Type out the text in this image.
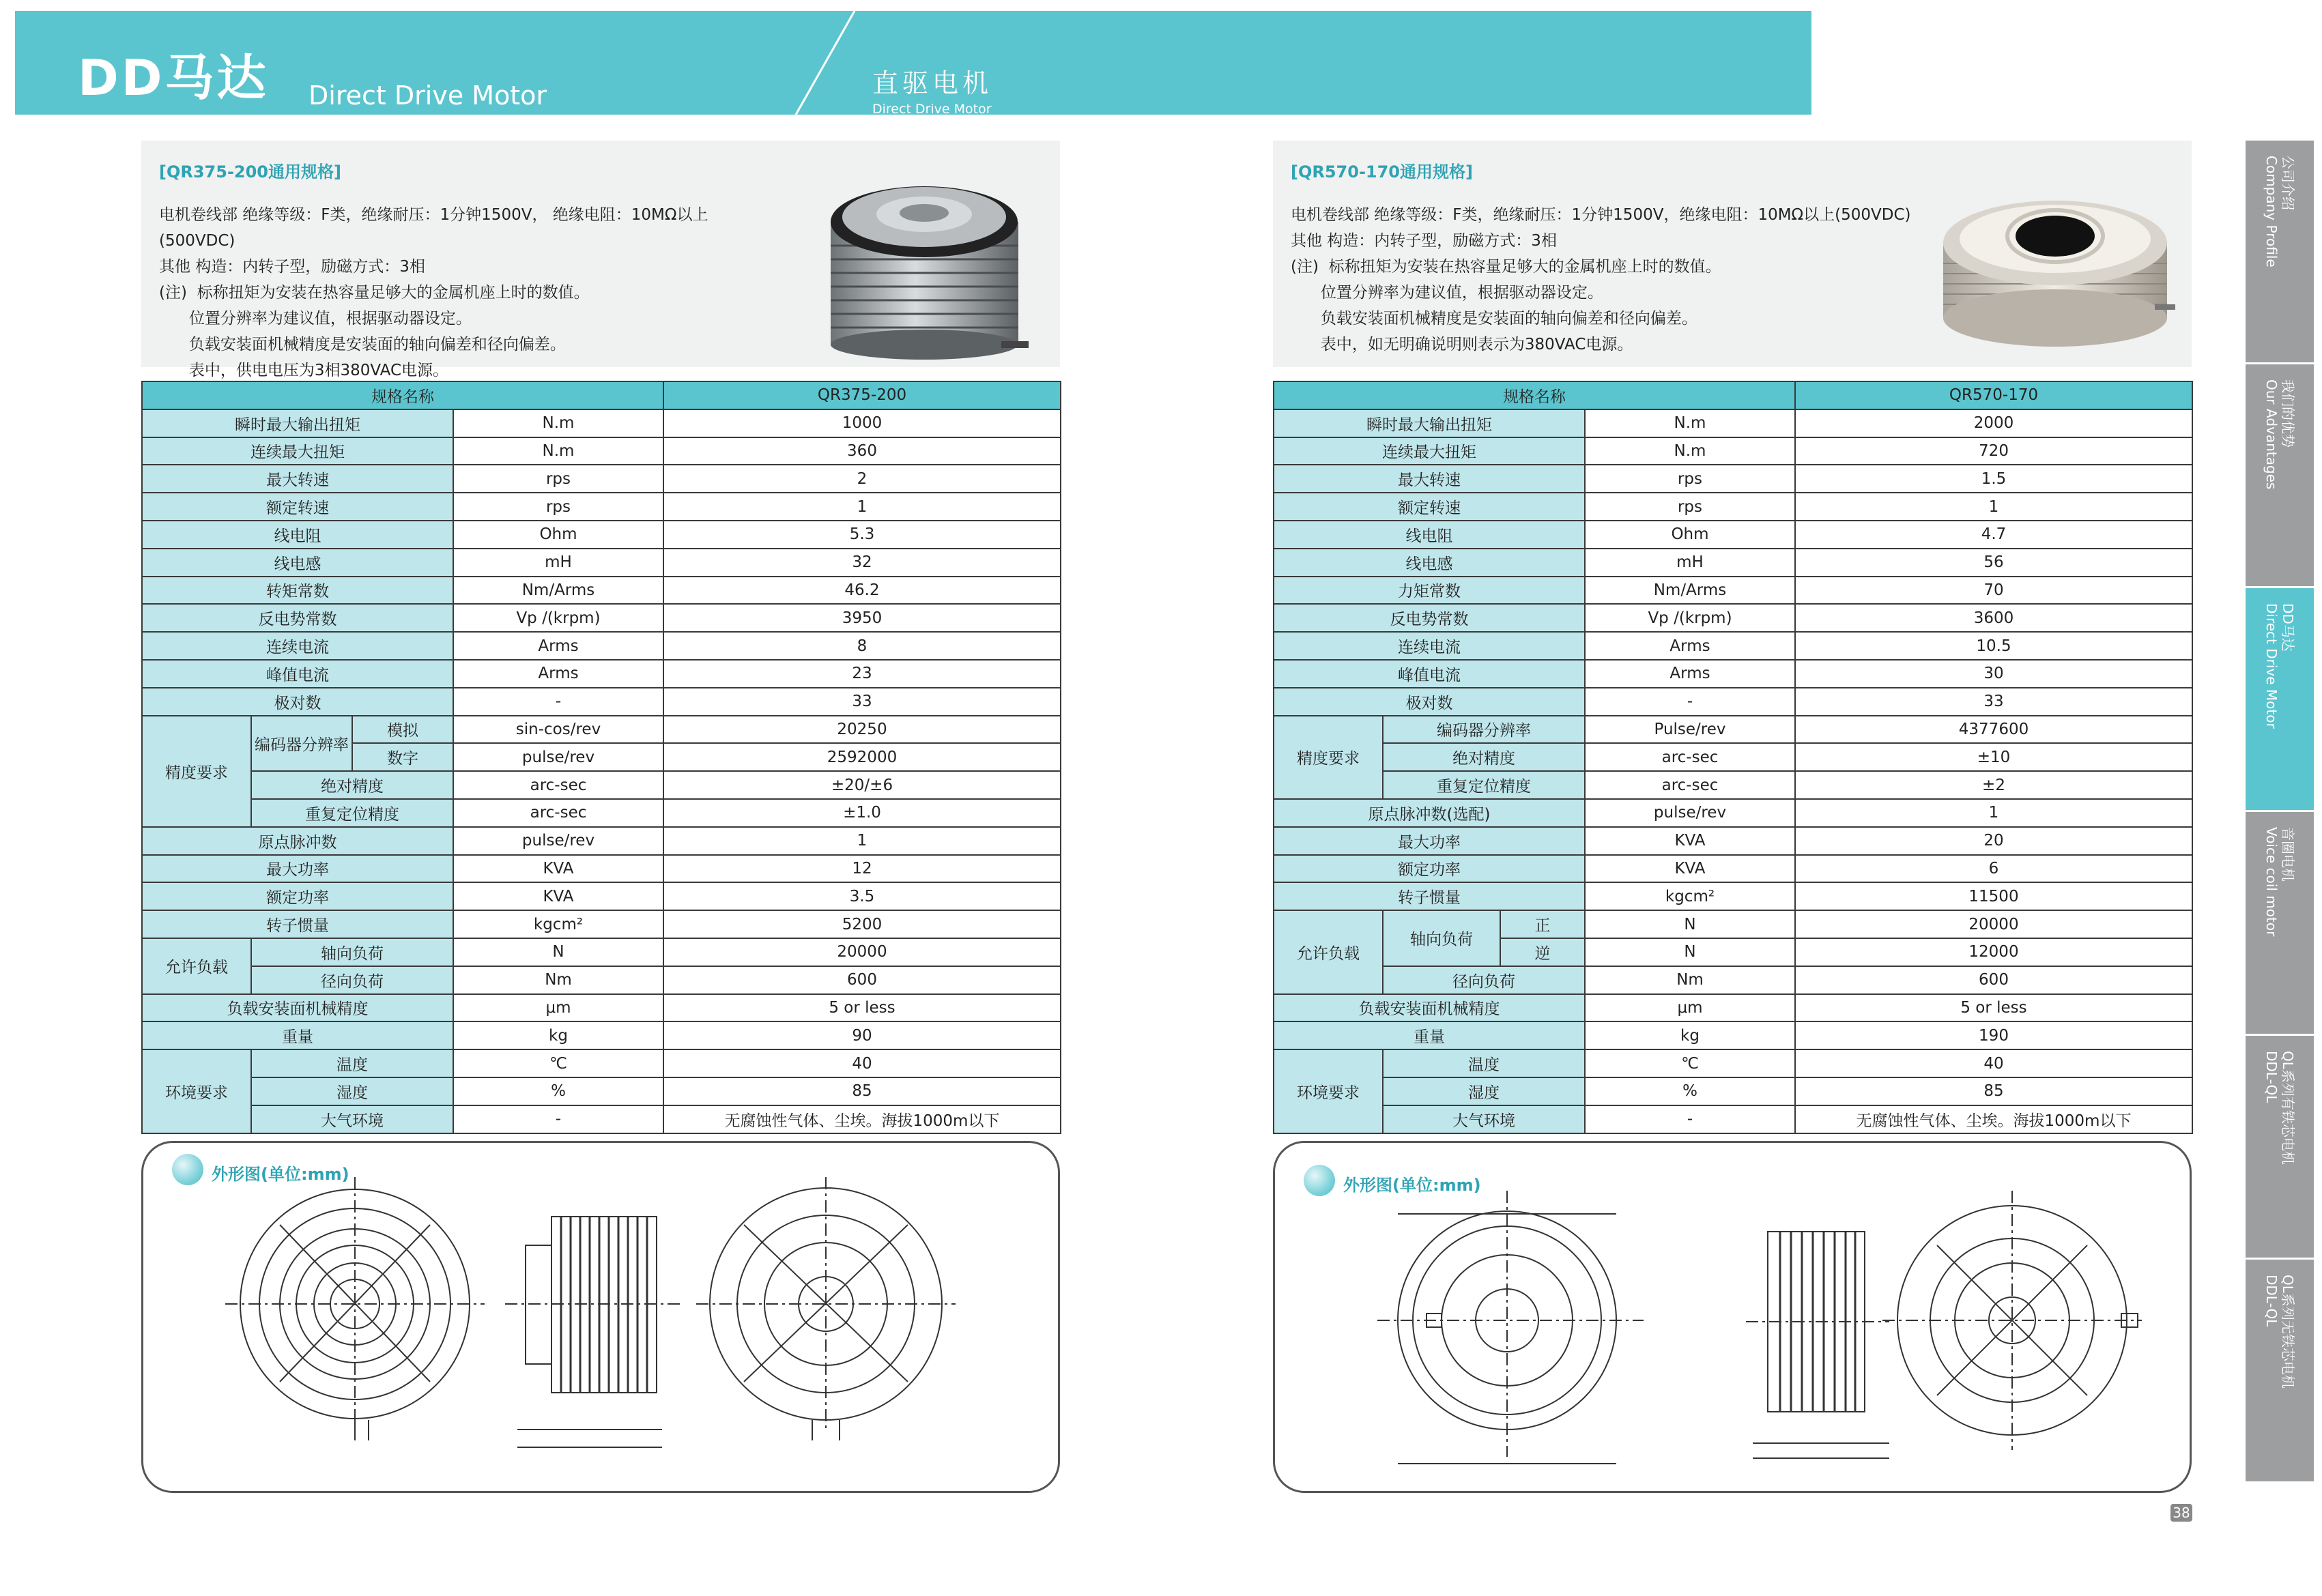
DD马达 Direct Drive Motor	直驱电机
Direct Drive Motor
[QR375-200通用规格]
电机卷线部 绝缘等级：F类，绝缘耐压：1分钟1500V， 绝缘电阻：10MΩ以上
(500VDC)
其他 构造：内转子型，励磁方式：3相
(注)  标称扭矩为安装在热容量足够大的金属机座上时的数值。
位置分辨率为建议值，根据驱动器设定。
负载安装面机械精度是安装面的轴向偏差和径向偏差。
表中，供电电压为3相380VAC电源。
[QR570-170通用规格]
电机卷线部 绝缘等级：F类，绝缘耐压：1分钟1500V，绝缘电阻：10MΩ以上(500VDC)
其他 构造：内转子型，励磁方式：3相
(注)  标称扭矩为安装在热容量足够大的金属机座上时的数值。
位置分辨率为建议值，根据驱动器设定。
负载安装面机械精度是安装面的轴向偏差和径向偏差。
表中，如无明确说明则表示为380VAC电源。
规格名称				QR375-200
瞬时最大输出扭矩			N.m	1000
连续最大扭矩			N.m	360
最大转速			rps	2
额定转速			rps	1
线电阻			Ohm	5.3
线电感			mH	32
转矩常数			Nm/Arms	46.2
反电势常数			Vp /(krpm)	3950
连续电流			Arms	8
峰值电流			Arms	23
极对数			-	33
精度要求	编码器分辨率	模拟	sin-cos/rev	20250
		数字	pulse/rev	2592000
	绝对精度		arc-sec	±20/±6
	重复定位精度		arc-sec	±1.0
原点脉冲数			pulse/rev	1
最大功率			KVA	12
额定功率			KVA	3.5
转子惯量			kgcm²	5200
允许负载	轴向负荷		N	20000
	径向负荷		Nm	600
负载安装面机械精度			μm	5 or less
重量			kg	90
环境要求	温度		℃	40
	湿度		%	85
	大气环境		-	无腐蚀性气体、尘埃。海拔1000m以下
规格名称				QR570-170
瞬时最大输出扭矩			N.m	2000
连续最大扭矩			N.m	720
最大转速			rps	1.5
额定转速			rps	1
线电阻			Ohm	4.7
线电感			mH	56
力矩常数			Nm/Arms	70
反电势常数			Vp /(krpm)	3600
连续电流			Arms	10.5
峰值电流			Arms	30
极对数			-	33
精度要求	编码器分辨率		Pulse/rev	4377600
	绝对精度		arc-sec	±10
	重复定位精度		arc-sec	±2
原点脉冲数(选配)			pulse/rev	1
最大功率			KVA	20
额定功率			KVA	6
转子惯量			kgcm²	11500
允许负载	轴向负荷	正	N	20000
		逆	N	12000
	径向负荷		Nm	600
负载安装面机械精度			μm	5 or less
重量			kg	190
环境要求	温度		℃	40
	湿度		%	85
	大气环境		-	无腐蚀性气体、尘埃。海拔1000m以下
外形图(单位:mm)
外形图(单位:mm)
公司介绍
Company Profile
我们的优势
Our Advantages
DD马达
Direct Drive Motor
音圈电机
Voice coil motor
QL系列有铁芯电机
DDL-QL
QL系列无铁芯电机
DDL-QL
38
